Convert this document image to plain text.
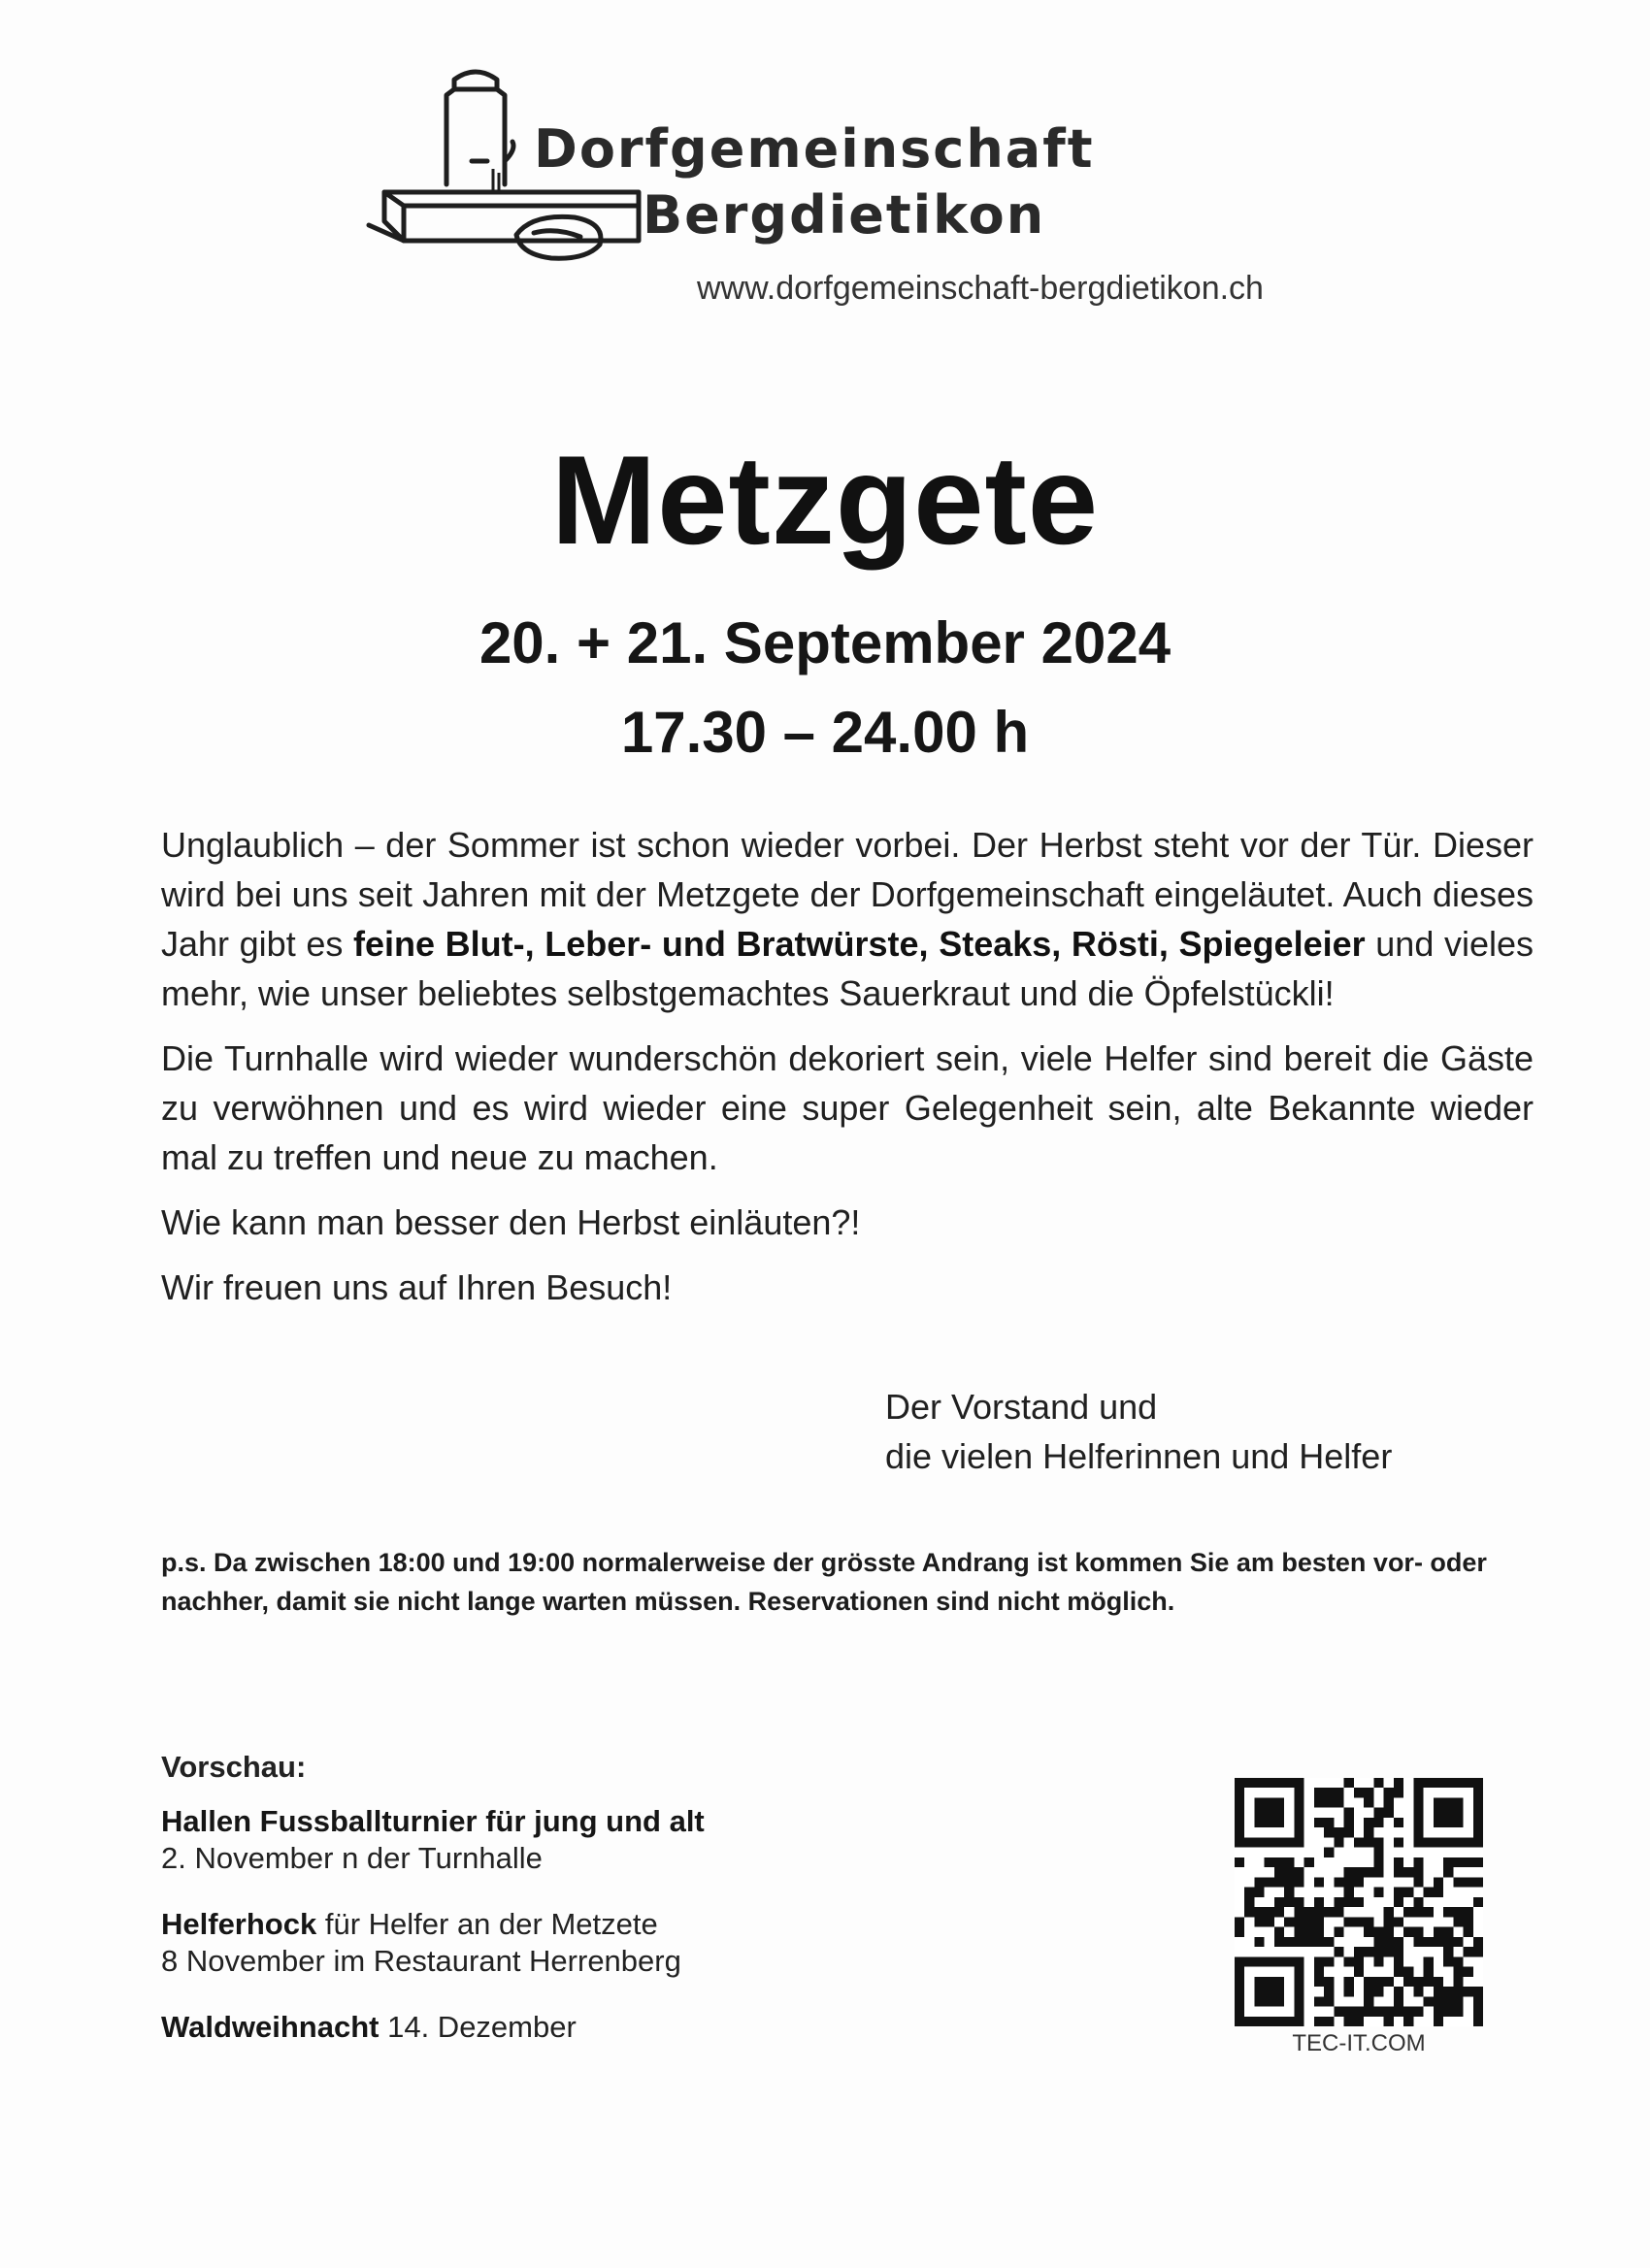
Dorfgemeinschaft
Bergdietikon
www.dorfgemeinschaft-bergdietikon.ch
Metzgete
20. + 21. September 2024
17.30 – 24.00 h

Unglaublich – der Sommer ist schon wieder vorbei. Der Herbst steht vor der Tür. Dieser wird bei uns seit Jahren mit der Metzgete der Dorfgemeinschaft eingeläutet. Auch dieses Jahr gibt es feine Blut-, Leber- und Bratwürste, Steaks, Rösti, Spiegeleier und vieles mehr, wie unser beliebtes selbstgemachtes Sauerkraut und die Öpfelstückli!

Die Turnhalle wird wieder wunderschön dekoriert sein, viele Helfer sind bereit die Gäste zu verwöhnen und es wird wieder eine super Gelegenheit sein, alte Bekannte wieder mal zu treffen und neue zu machen.

Wie kann man besser den Herbst einläuten?!

Wir freuen uns auf Ihren Besuch!

Der Vorstand und
die vielen Helferinnen und Helfer
p.s. Da zwischen 18:00 und 19:00 normalerweise der grösste Andrang ist kommen Sie am besten vor- oder nachher, damit sie nicht lange warten müssen. Reservationen sind nicht möglich.
Vorschau:
Hallen Fussballturnier für jung und alt
2. November n der Turnhalle
Helferhock für Helfer an der Metzete
8 November im Restaurant Herrenberg
Waldweihnacht 14. Dezember	TEC-IT.COM
